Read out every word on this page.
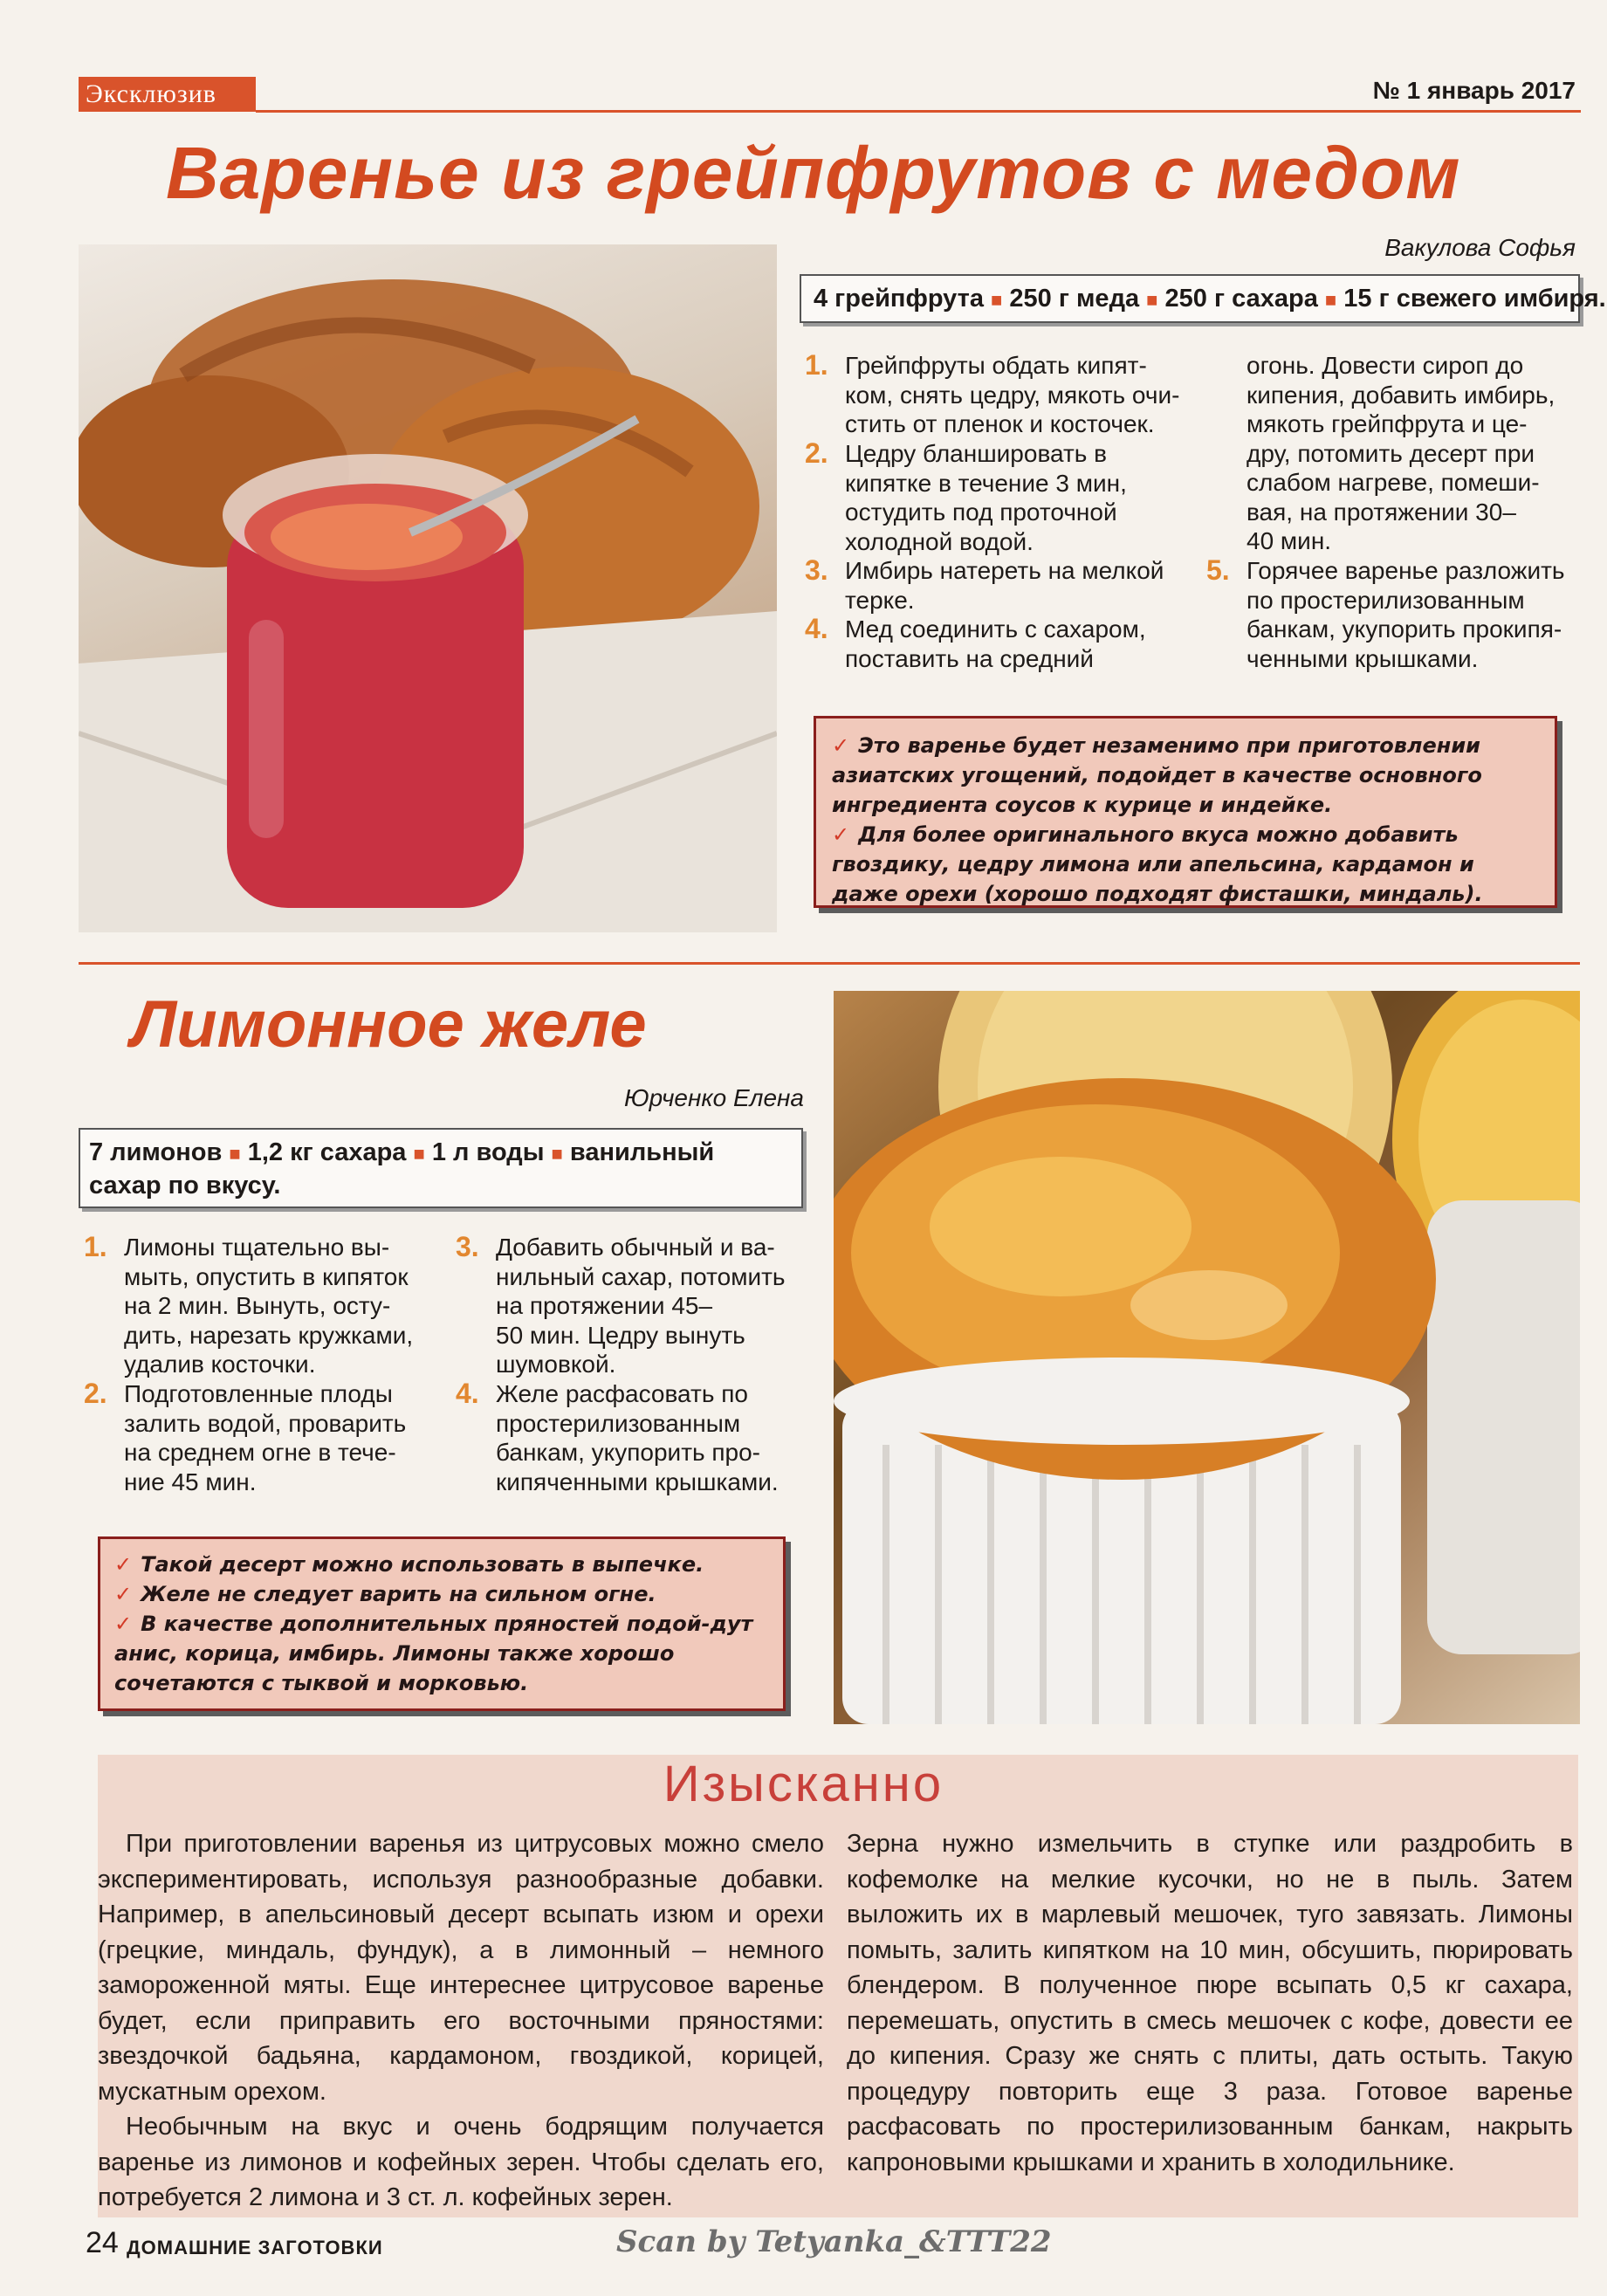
Эксклюзив	№ 1 январь 2017
Варенье из грейпфрутов с медом
Вакулова Софья
4 грейпфрута ■ 250 г меда ■ 250 г сахара ■ 15 г свежего имбиря.
1. Грейпфруты обдать кипят-
ком, снять цедру, мякоть очи-
стить от пленок и косточек.
2. Цедру бланшировать в
кипятке в течение 3 мин,
остудить под проточной
холодной водой.
3. Имбирь натереть на мелкой
терке.
4. Мед соединить с сахаром,
поставить на средний
огонь. Довести сироп до
кипения, добавить имбирь,
мякоть грейпфрута и це-
дру, потомить десерт при
слабом нагреве, помеши-
вая, на протяжении 30–
40 мин.
5. Горячее варенье разложить
по простерилизованным
банкам, укупорить прокипя-
ченными крышками.
✓ Это варенье будет незаменимо при приготовлении азиатских угощений, подойдет в качестве основного ингредиента соусов к курице и индейке.
✓ Для более оригинального вкуса можно добавить гвоздику, цедру лимона или апельсина, кардамон и даже орехи (хорошо подходят фисташки, миндаль).
Лимонное желе
Юрченко Елена
7 лимонов ■ 1,2 кг сахара ■ 1 л воды ■ ванильный сахар по вкусу.
1. Лимоны тщательно вы-
мыть, опустить в кипяток
на 2 мин. Вынуть, осту-
дить, нарезать кружками,
удалив косточки.
2. Подготовленные плоды
залить водой, проварить
на среднем огне в тече-
ние 45 мин.
3. Добавить обычный и ва-
нильный сахар, потомить
на протяжении 45–
50 мин. Цедру вынуть
шумовкой.
4. Желе расфасовать по
простерилизованным
банкам, укупорить про-
кипяченными крышками.
✓ Такой десерт можно использовать в выпечке.
✓ Желе не следует варить на сильном огне.
✓ В качестве дополнительных пряностей подой-дут анис, корица, имбирь. Лимоны также хорошо сочетаются с тыквой и морковью.
Изысканно

При приготовлении варенья из цитрусовых можно смело экспериментировать, используя разнообразные добавки. Например, в апельсиновый десерт всыпать изюм и орехи (грецкие, миндаль, фундук), а в лимонный – немного замороженной мяты. Еще интереснее цитрусовое варенье будет, если приправить его восточными пряностями: звездочкой бадьяна, кардамоном, гвоздикой, корицей, мускатным орехом.

Необычным на вкус и очень бодрящим получается варенье из лимонов и кофейных зерен. Чтобы сделать его, потребуется 2 лимона и 3 ст. л. кофейных зерен.

Зерна нужно измельчить в ступке или раздробить в кофемолке на мелкие кусочки, но не в пыль. Затем выложить их в марлевый мешочек, туго завязать. Лимоны помыть, залить кипятком на 10 мин, обсушить, пюрировать блендером. В полученное пюре всыпать 0,5 кг сахара, перемешать, опустить в смесь мешочек с кофе, довести ее до кипения. Сразу же снять с плиты, дать остыть. Такую процедуру повторить еще 3 раза. Готовое варенье расфасовать по простерилизованным банкам, накрыть капроновыми крышками и хранить в холодильнике.

24 ДОМАШНИЕ ЗАГОТОВКИ	Scan by Tetyanka_&TTT22
